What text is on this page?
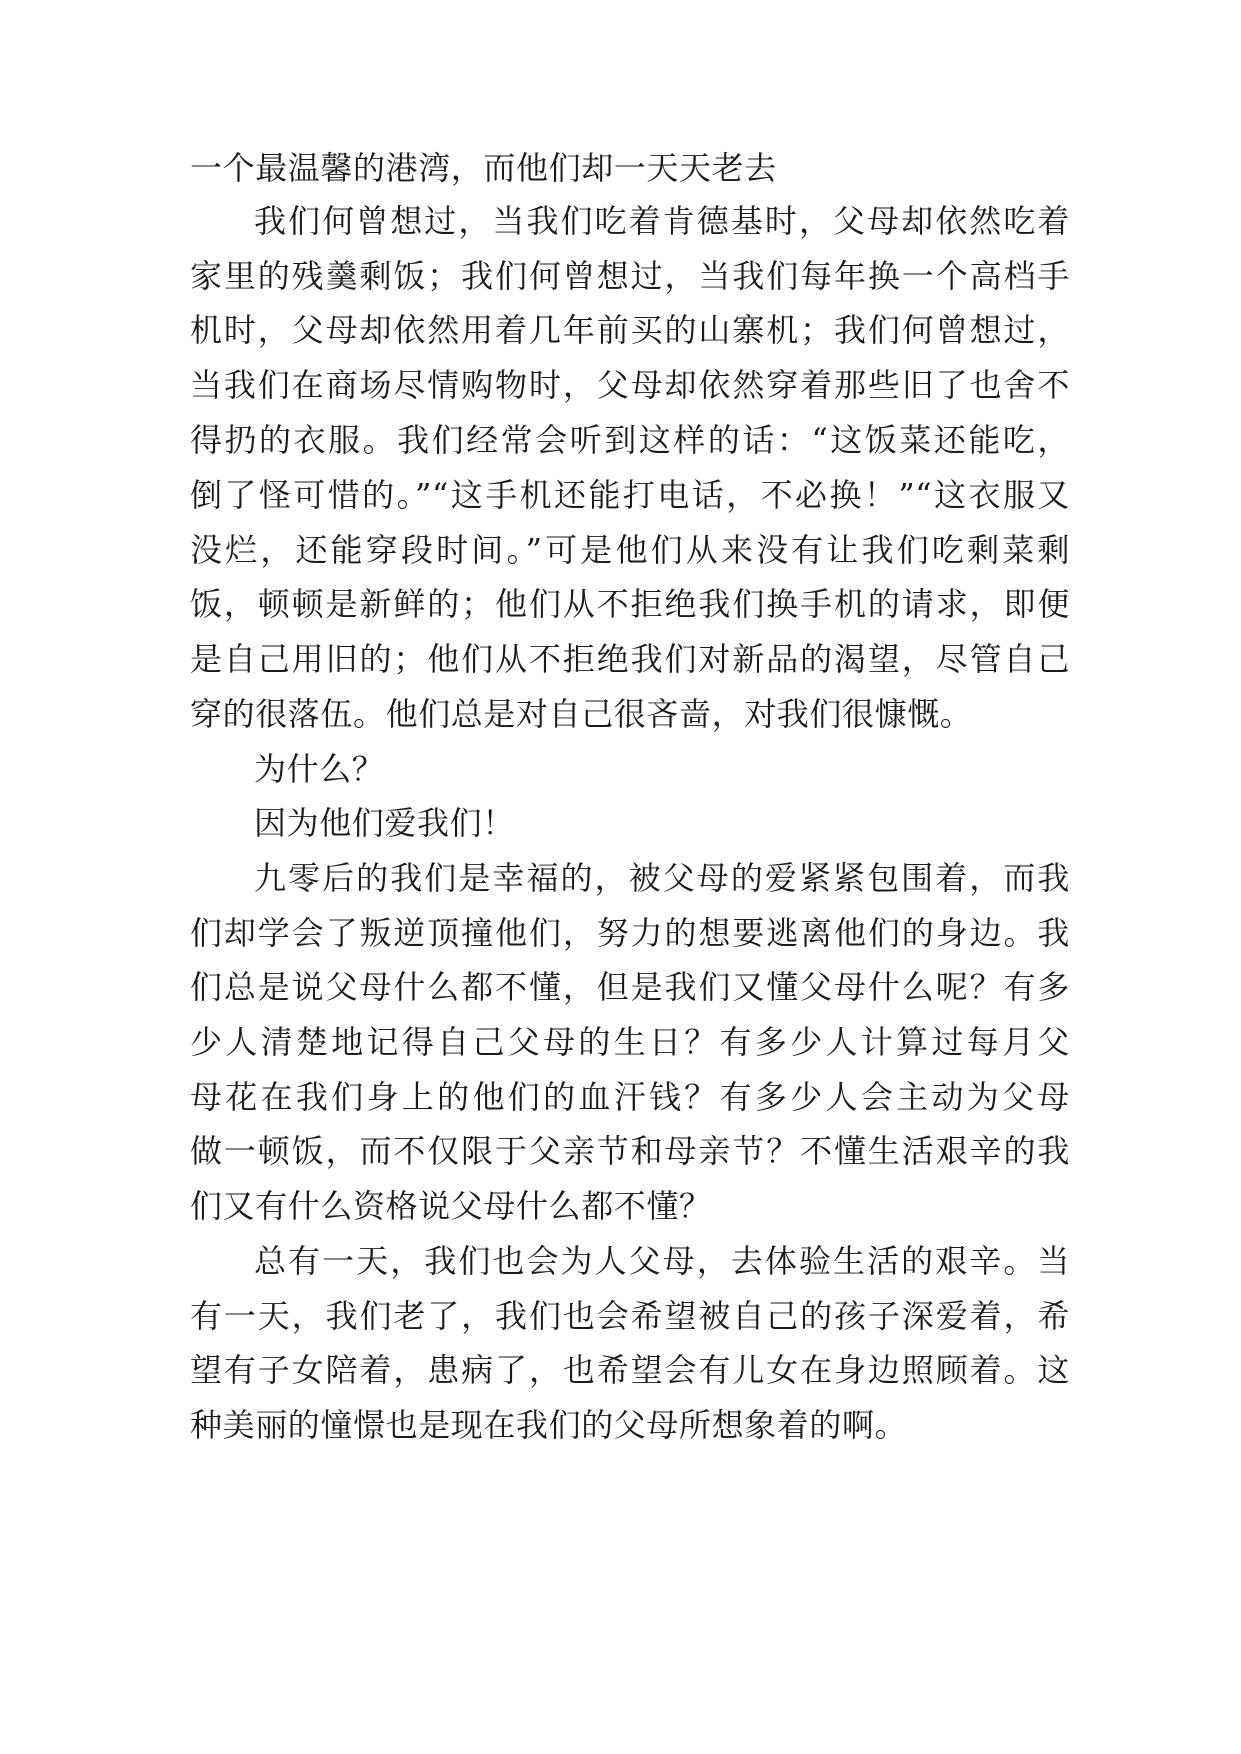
一个最温馨的港湾，而他们却一天天老去
我们何曾想过，当我们吃着肯德基时，父母却依然吃着
家里的残羹剩饭；我们何曾想过，当我们每年换一个高档手
机时，父母却依然用着几年前买的山寨机；我们何曾想过，
当我们在商场尽情购物时，父母却依然穿着那些旧了也舍不
得扔的衣服。我们经常会听到这样的话：“这饭菜还能吃，
倒了怪可惜的。”“这手机还能打电话，不必换！”“这衣服又
没烂，还能穿段时间。”可是他们从来没有让我们吃剩菜剩
饭，顿顿是新鲜的；他们从不拒绝我们换手机的请求，即便
是自己用旧的；他们从不拒绝我们对新品的渴望，尽管自己
穿的很落伍。他们总是对自己很吝啬，对我们很慷慨。
为什么？
因为他们爱我们！
九零后的我们是幸福的，被父母的爱紧紧包围着，而我
们却学会了叛逆顶撞他们，努力的想要逃离他们的身边。我
们总是说父母什么都不懂，但是我们又懂父母什么呢？有多
少人清楚地记得自己父母的生日？有多少人计算过每月父
母花在我们身上的他们的血汗钱？有多少人会主动为父母
做一顿饭，而不仅限于父亲节和母亲节？不懂生活艰辛的我
们又有什么资格说父母什么都不懂？
总有一天，我们也会为人父母，去体验生活的艰辛。当
有一天，我们老了，我们也会希望被自己的孩子深爱着，希
望有子女陪着，患病了，也希望会有儿女在身边照顾着。这
种美丽的憧憬也是现在我们的父母所想象着的啊。
